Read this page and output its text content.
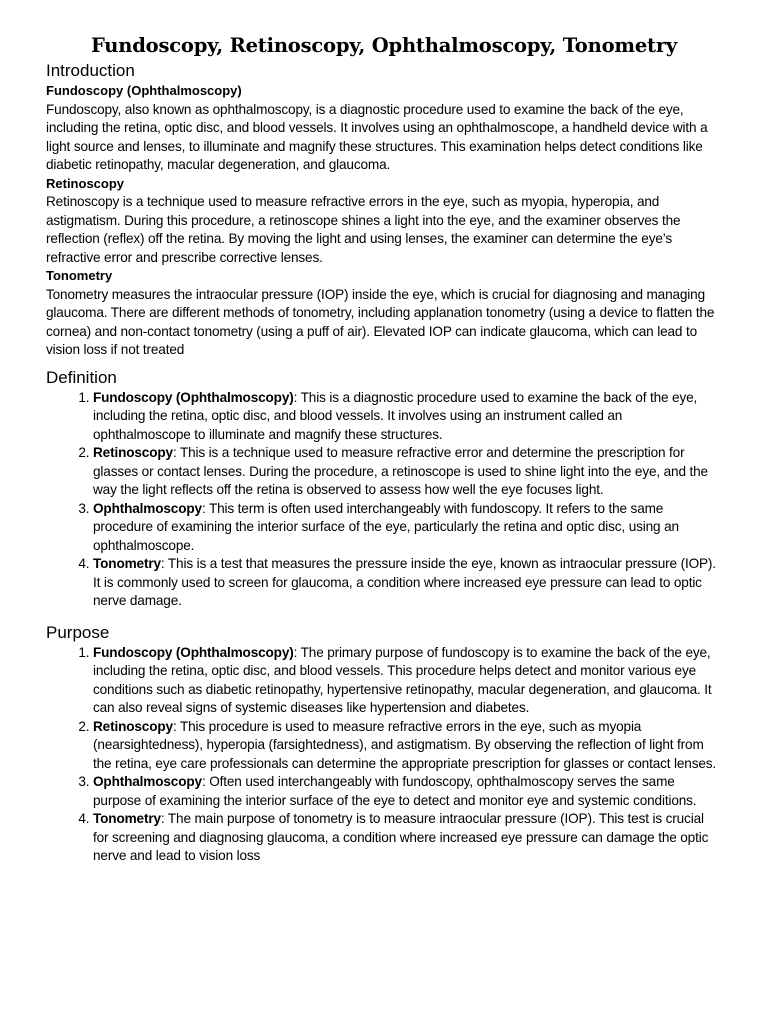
Fundoscopy, Retinoscopy, Ophthalmoscopy, Tonometry
Introduction
Fundoscopy (Ophthalmoscopy)

Fundoscopy, also known as ophthalmoscopy, is a diagnostic procedure used to examine the back of the eye, including the retina, optic disc, and blood vessels. It involves using an ophthalmoscope, a handheld device with a light source and lenses, to illuminate and magnify these structures. This examination helps detect conditions like diabetic retinopathy, macular degeneration, and glaucoma.

Retinoscopy

Retinoscopy is a technique used to measure refractive errors in the eye, such as myopia, hyperopia, and astigmatism. During this procedure, a retinoscope shines a light into the eye, and the examiner observes the reflection (reflex) off the retina. By moving the light and using lenses, the examiner can determine the eye’s refractive error and prescribe corrective lenses.

Tonometry

Tonometry measures the intraocular pressure (IOP) inside the eye, which is crucial for diagnosing and managing glaucoma. There are different methods of tonometry, including applanation tonometry (using a device to flatten the cornea) and non-contact tonometry (using a puff of air). Elevated IOP can indicate glaucoma, which can lead to vision loss if not treated

Definition
1. Fundoscopy (Ophthalmoscopy): This is a diagnostic procedure used to examine the back of the eye, including the retina, optic disc, and blood vessels. It involves using an instrument called an ophthalmoscope to illuminate and magnify these structures.
2. Retinoscopy: This is a technique used to measure refractive error and determine the prescription for glasses or contact lenses. During the procedure, a retinoscope is used to shine light into the eye, and the way the light reflects off the retina is observed to assess how well the eye focuses light.
3. Ophthalmoscopy: This term is often used interchangeably with fundoscopy. It refers to the same procedure of examining the interior surface of the eye, particularly the retina and optic disc, using an ophthalmoscope.
4. Tonometry: This is a test that measures the pressure inside the eye, known as intraocular pressure (IOP). It is commonly used to screen for glaucoma, a condition where increased eye pressure can lead to optic nerve damage.
Purpose
1. Fundoscopy (Ophthalmoscopy): The primary purpose of fundoscopy is to examine the back of the eye, including the retina, optic disc, and blood vessels. This procedure helps detect and monitor various eye conditions such as diabetic retinopathy, hypertensive retinopathy, macular degeneration, and glaucoma. It can also reveal signs of systemic diseases like hypertension and diabetes.
2. Retinoscopy: This procedure is used to measure refractive errors in the eye, such as myopia (nearsightedness), hyperopia (farsightedness), and astigmatism. By observing the reflection of light from the retina, eye care professionals can determine the appropriate prescription for glasses or contact lenses.
3. Ophthalmoscopy: Often used interchangeably with fundoscopy, ophthalmoscopy serves the same purpose of examining the interior surface of the eye to detect and monitor eye and systemic conditions.
4. Tonometry: The main purpose of tonometry is to measure intraocular pressure (IOP). This test is crucial for screening and diagnosing glaucoma, a condition where increased eye pressure can damage the optic nerve and lead to vision loss
